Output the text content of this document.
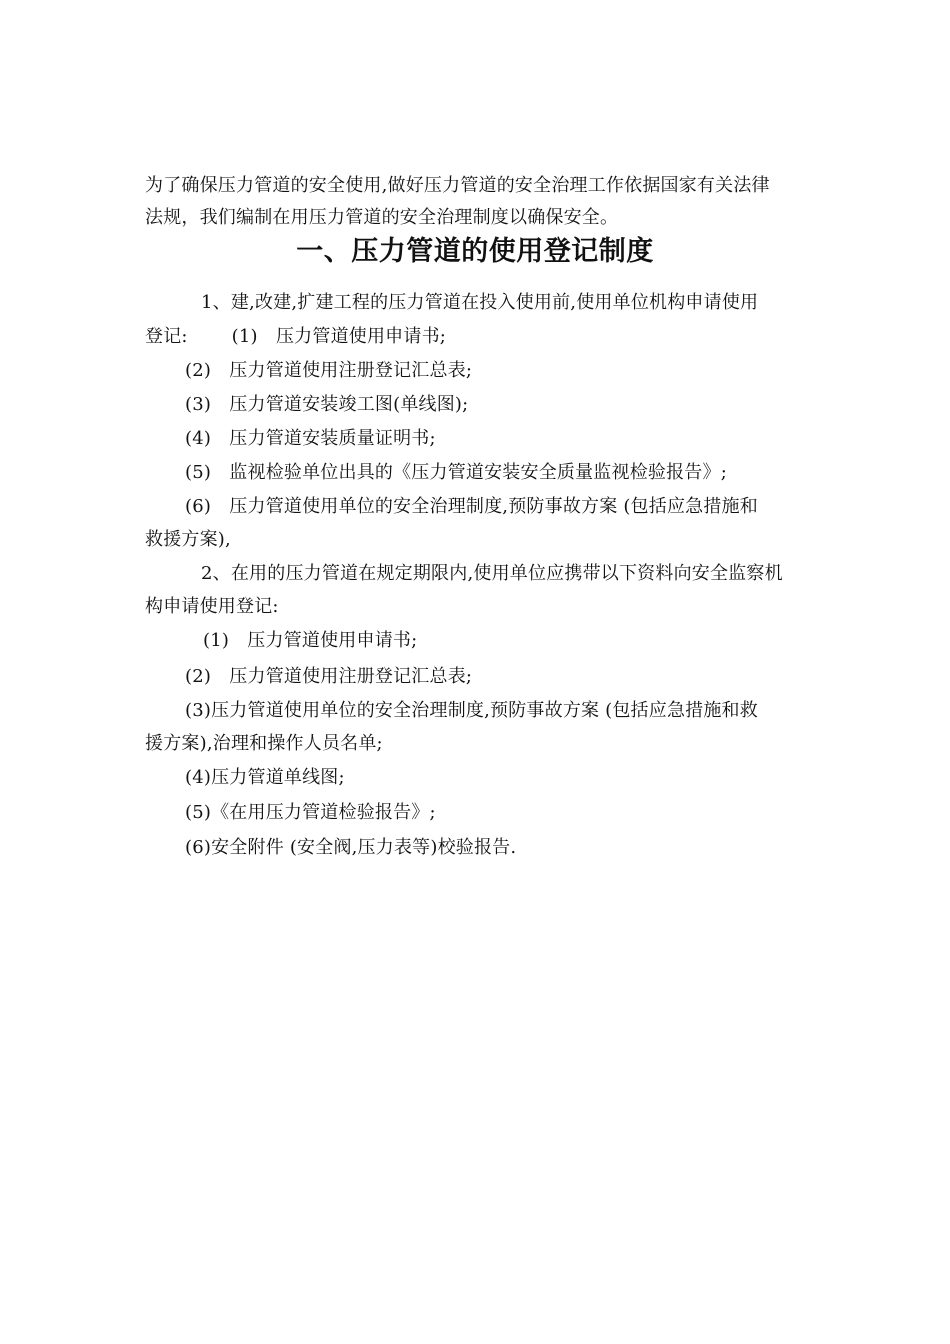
为了确保压力管道的安全使用,做好压力管道的安全治理工作依据国家有关法律
法规，我们编制在用压力管道的安全治理制度以确保安全。
一、压力管道的使用登记制度
1、建,改建,扩建工程的压力管道在投入使用前,使用单位机构申请使用
登记: (1)　压力管道使用申请书;
(2)　压力管道使用注册登记汇总表;
(3)　压力管道安装竣工图(单线图);
(4)　压力管道安装质量证明书;
(5)　监视检验单位出具的《压力管道安装安全质量监视检验报告》;
(6)　压力管道使用单位的安全治理制度,预防事故方案 (包括应急措施和
救援方案),
2、在用的压力管道在规定期限内,使用单位应携带以下资料向安全监察机
构申请使用登记:
(1)　压力管道使用申请书;
(2)　压力管道使用注册登记汇总表;
(3)压力管道使用单位的安全治理制度,预防事故方案 (包括应急措施和救
援方案),治理和操作人员名单;
(4)压力管道单线图;
(5)《在用压力管道检验报告》;
(6)安全附件 (安全阀,压力表等)校验报告.
